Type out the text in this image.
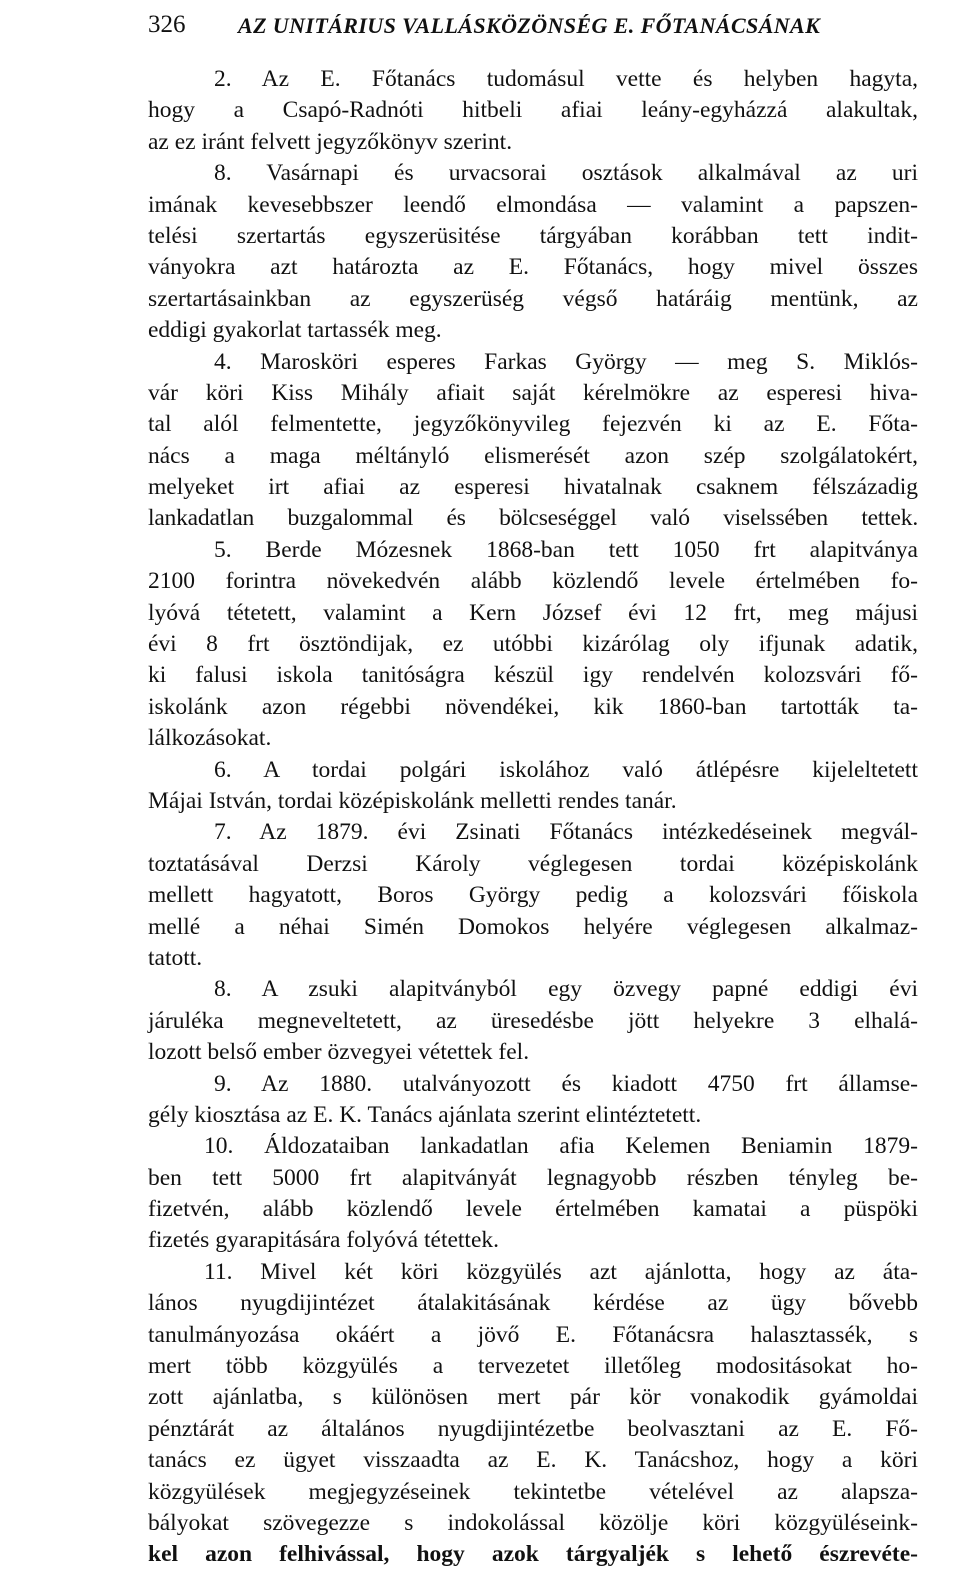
326 AZ UNITÁRIUS VALLÁSKÖZÖNSÉG E. FŐTANÁCSÁNAK
2. Az E. Főtanács tudomásul vette és helyben hagyta,
hogy a Csapó-Radnóti hitbeli afiai leány-egyházzá alakultak,
az ez iránt felvett jegyzőkönyv szerint.
8. Vasárnapi és urvacsorai osztások alkalmával az uri
imának kevesebbszer leendő elmondása — valamint a papszen-
telési szertartás egyszerüsitése tárgyában korábban tett indit-
ványokra azt határozta az E. Főtanács, hogy mivel összes
szertartásainkban az egyszerüség végső határáig mentünk, az
eddigi gyakorlat tartassék meg.
4. Marosköri esperes Farkas György — meg S. Miklós-
vár köri Kiss Mihály afiait saját kérelmökre az esperesi hiva-
tal alól felmentette, jegyzőkönyvileg fejezvén ki az E. Főta-
nács a maga méltányló elismerését azon szép szolgálatokért,
melyeket irt afiai az esperesi hivatalnak csaknem félszázadig
lankadatlan buzgalommal és bölcseséggel való viselssében tettek.
5. Berde Mózesnek 1868-ban tett 1050 frt alapitványa
2100 forintra növekedvén alább közlendő levele értelmében fo-
lyóvá tétetett, valamint a Kern József évi 12 frt, meg májusi
évi 8 frt ösztöndijak, ez utóbbi kizárólag oly ifjunak adatik,
ki falusi iskola tanitóságra készül igy rendelvén kolozsvári fő-
iskolánk azon régebbi növendékei, kik 1860-ban tartották ta-
lálkozásokat.
6. A tordai polgári iskolához való átlépésre kijeleltetett
Májai István, tordai középiskolánk melletti rendes tanár.
7. Az 1879. évi Zsinati Főtanács intézkedéseinek megvál-
toztatásával Derzsi Károly véglegesen tordai középiskolánk
mellett hagyatott, Boros György pedig a kolozsvári főiskola
mellé a néhai Simén Domokos helyére véglegesen alkalmaz-
tatott.
8. A zsuki alapitványból egy özvegy papné eddigi évi
járuléka megneveltetett, az üresedésbe jött helyekre 3 elhalá-
lozott belső ember özvegyei vétettek fel.
9. Az 1880. utalványozott és kiadott 4750 frt államse-
gély kiosztása az E. K. Tanács ajánlata szerint elintéztetett.
10. Áldozataiban lankadatlan afia Kelemen Beniamin 1879-
ben tett 5000 frt alapitványát legnagyobb részben tényleg be-
fizetvén, alább közlendő levele értelmében kamatai a püspöki
fizetés gyarapitására folyóvá tétettek.
11. Mivel két köri közgyülés azt ajánlotta, hogy az áta-
lános nyugdijintézet átalakitásának kérdése az ügy bővebb
tanulmányozása okáért a jövő E. Főtanácsra halasztassék, s
mert több közgyülés a tervezetet illetőleg modositásokat ho-
zott ajánlatba, s különösen mert pár kör vonakodik gyámoldai
pénztárát az általános nyugdijintézetbe beolvasztani az E. Fő-
tanács ez ügyet visszaadta az E. K. Tanácshoz, hogy a köri
közgyülések megjegyzéseinek tekintetbe vételével az alapsza-
bályokat szövegezze s indokolással közölje köri közgyüléseink-
kel azon felhivással, hogy azok tárgyaljék s lehető észrevéte-
